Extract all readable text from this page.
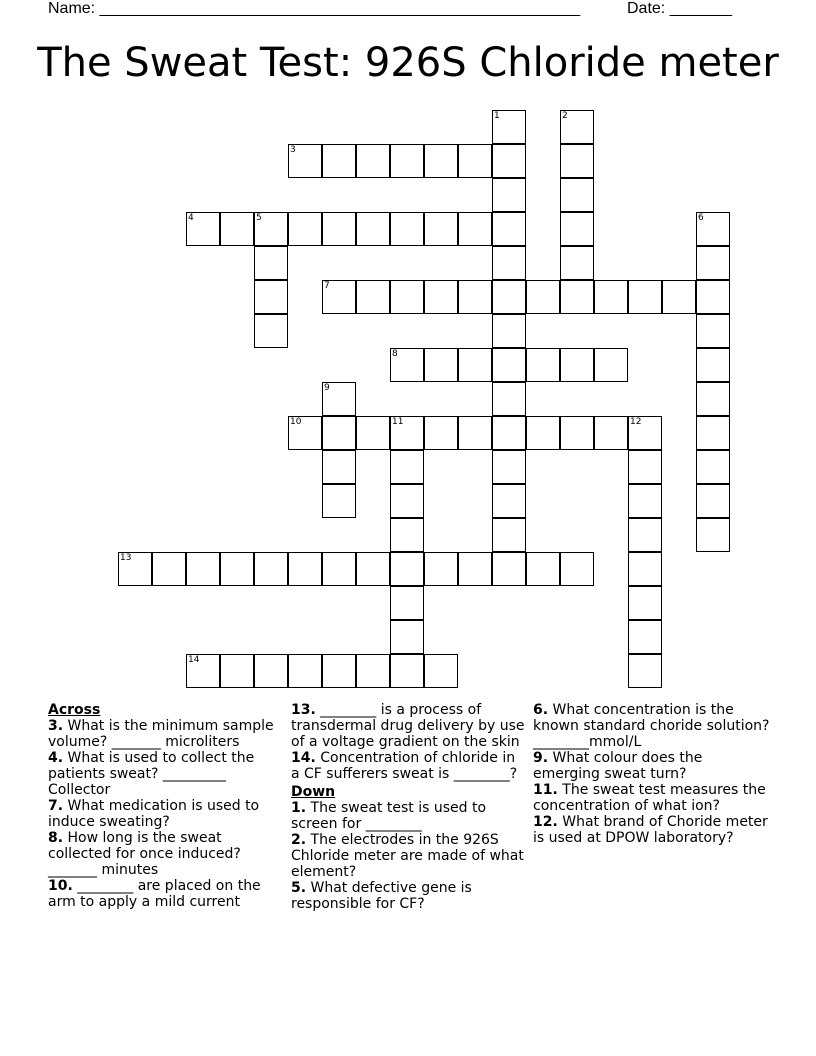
Name: ______________________________________________________	Date: _______
The Sweat Test: 926S Chloride meter
1	2
3
4	5	6
7
8
9
10	11	12
13
14
Across
3. What is the minimum sample volume? _______ microliters
4. What is used to collect the patients sweat? _________ Collector
7. What medication is used to induce sweating?
8. How long is the sweat collected for once induced? _______ minutes
10. ________ are placed on the arm to apply a mild current
13. ________ is a process of transdermal drug delivery by use of a voltage gradient on the skin
14. Concentration of chloride in a CF sufferers sweat is ________?
Down
1. The sweat test is used to screen for ________
2. The electrodes in the 926S Chloride meter are made of what element?
5. What defective gene is responsible for CF?
6. What concentration is the known standard choride solution? ________mmol/L
9. What colour does the emerging sweat turn?
11. The sweat test measures the concentration of what ion?
12. What brand of Choride meter is used at DPOW laboratory?
